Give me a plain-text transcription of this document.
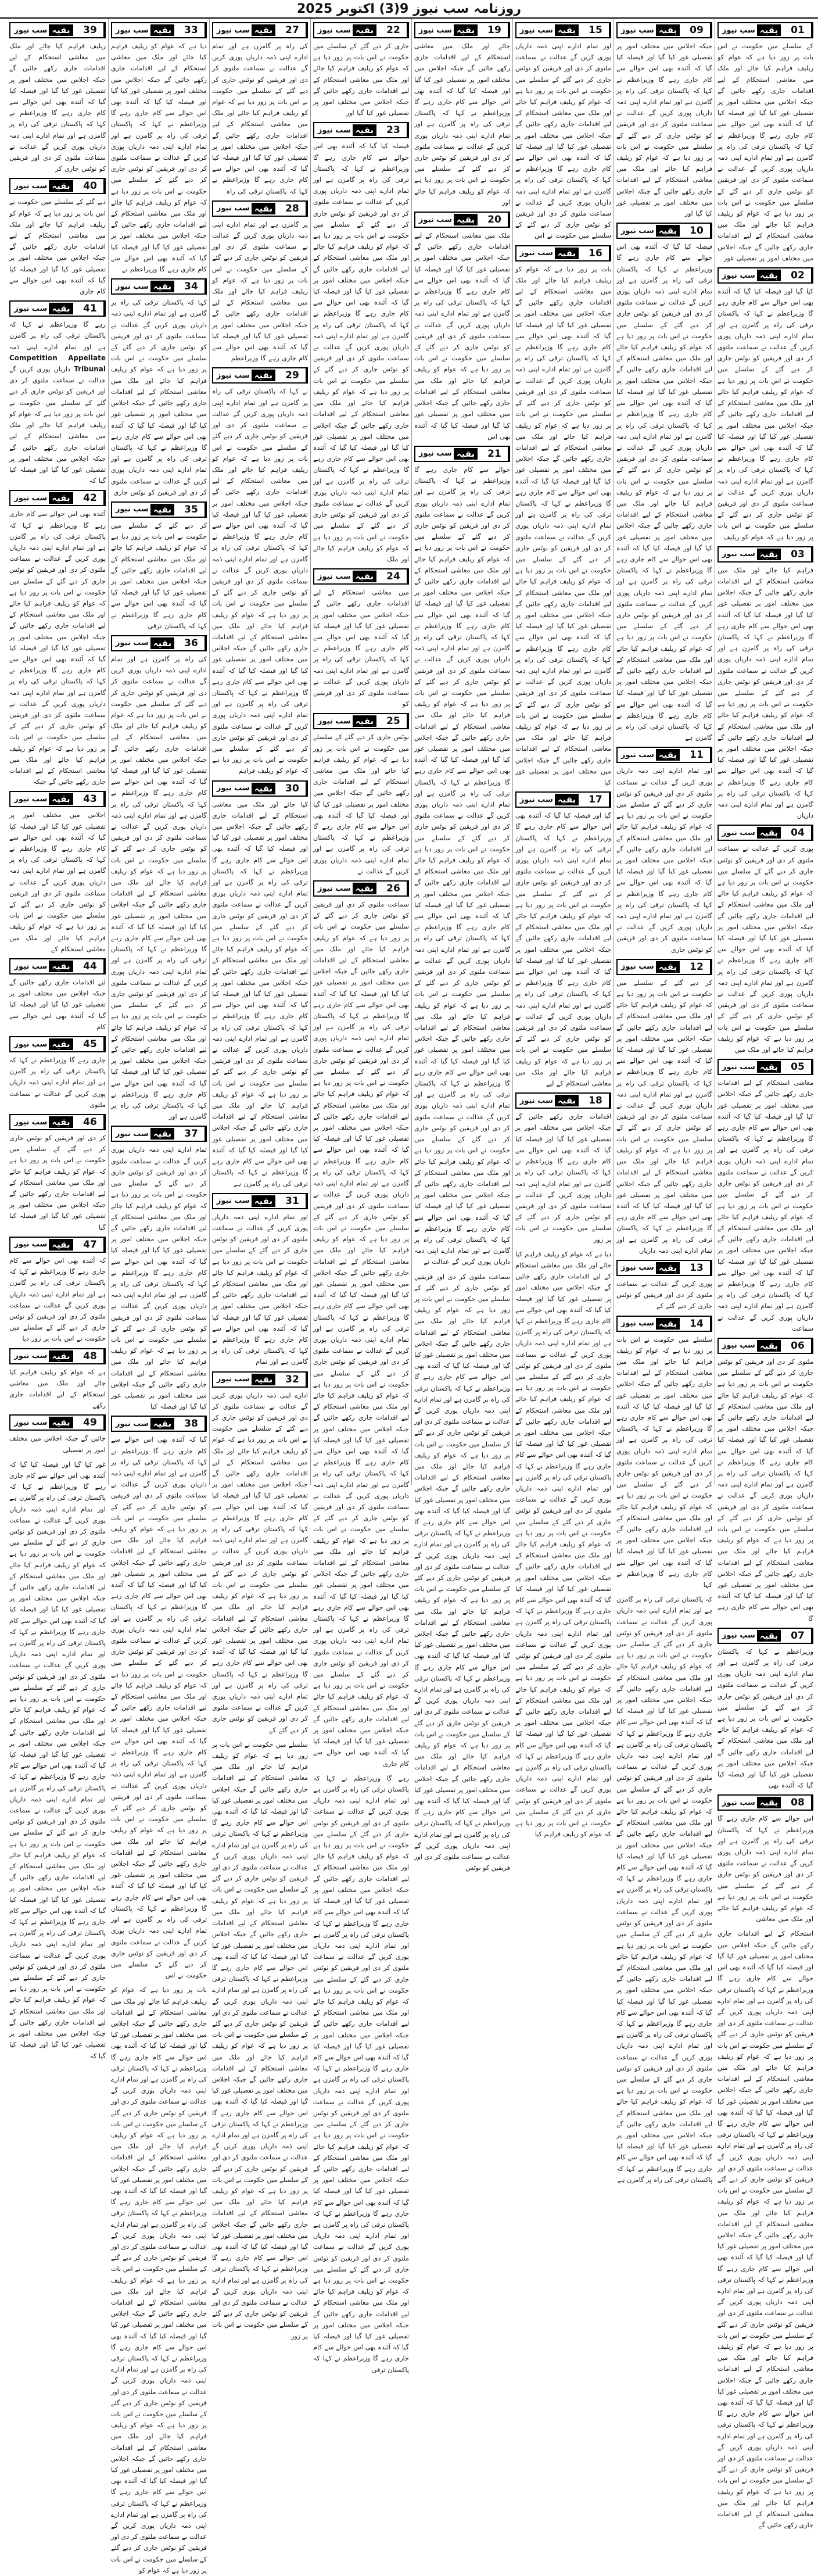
روزنامہ سب نیوز 9(3) اکتوبر 2025
بقیہ
سب نیوز	01
کے سلسلے میں حکومت نے اس بات پر زور دیا ہے کہ عوام کو ریلیف فراہم کیا جائے اور ملک میں معاشی استحکام کے لیے اقدامات جاری رکھے جائیں گے جبکہ اجلاس میں مختلف امور پر تفصیلی غور کیا گیا اور فیصلہ کیا گیا کہ آئندہ بھی اس حوالے سے کام جاری رہے گا وزیراعظم نے کہا کہ پاکستان ترقی کی راہ پر گامزن ہے اور تمام ادارے اپنی ذمہ داریاں پوری کریں گے عدالت نے سماعت ملتوی کر دی اور فریقین کو نوٹس جاری کر دیے گئے کے سلسلے میں حکومت نے اس بات پر زور دیا ہے کہ عوام کو ریلیف فراہم کیا جائے اور ملک میں معاشی استحکام کے لیے اقدامات جاری رکھے جائیں گے جبکہ اجلاس میں مختلف امور پر تفصیلی غور
بقیہ
سب نیوز	02
کیا گیا اور فیصلہ کیا گیا کہ آئندہ بھی اس حوالے سے کام جاری رہے گا وزیراعظم نے کہا کہ پاکستان ترقی کی راہ پر گامزن ہے اور تمام ادارے اپنی ذمہ داریاں پوری کریں گے عدالت نے سماعت ملتوی کر دی اور فریقین کو نوٹس جاری کر دیے گئے کے سلسلے میں حکومت نے اس بات پر زور دیا ہے کہ عوام کو ریلیف فراہم کیا جائے اور ملک میں معاشی استحکام کے لیے اقدامات جاری رکھے جائیں گے جبکہ اجلاس میں مختلف امور پر تفصیلی غور کیا گیا اور فیصلہ کیا گیا کہ آئندہ بھی اس حوالے سے کام جاری رہے گا وزیراعظم نے کہا کہ پاکستان ترقی کی راہ پر گامزن ہے اور تمام ادارے اپنی ذمہ داریاں پوری کریں گے عدالت نے سماعت ملتوی کر دی اور فریقین کو نوٹس جاری کر دیے گئے کے سلسلے میں حکومت نے اس بات پر زور دیا ہے کہ عوام کو ریلیف
بقیہ
سب نیوز	03
فراہم کیا جائے اور ملک میں معاشی استحکام کے لیے اقدامات جاری رکھے جائیں گے جبکہ اجلاس میں مختلف امور پر تفصیلی غور کیا گیا اور فیصلہ کیا گیا کہ آئندہ بھی اس حوالے سے کام جاری رہے گا وزیراعظم نے کہا کہ پاکستان ترقی کی راہ پر گامزن ہے اور تمام ادارے اپنی ذمہ داریاں پوری کریں گے عدالت نے سماعت ملتوی کر دی اور فریقین کو نوٹس جاری کر دیے گئے کے سلسلے میں حکومت نے اس بات پر زور دیا ہے کہ عوام کو ریلیف فراہم کیا جائے اور ملک میں معاشی استحکام کے لیے اقدامات جاری رکھے جائیں گے جبکہ اجلاس میں مختلف امور پر تفصیلی غور کیا گیا اور فیصلہ کیا گیا کہ آئندہ بھی اس حوالے سے کام جاری رہے گا وزیراعظم نے کہا کہ پاکستان ترقی کی راہ پر گامزن ہے اور تمام ادارے اپنی ذمہ داریاں
بقیہ
سب نیوز	04
پوری کریں گے عدالت نے سماعت ملتوی کر دی اور فریقین کو نوٹس جاری کر دیے گئے کے سلسلے میں حکومت نے اس بات پر زور دیا ہے کہ عوام کو ریلیف فراہم کیا جائے اور ملک میں معاشی استحکام کے لیے اقدامات جاری رکھے جائیں گے جبکہ اجلاس میں مختلف امور پر تفصیلی غور کیا گیا اور فیصلہ کیا گیا کہ آئندہ بھی اس حوالے سے کام جاری رہے گا وزیراعظم نے کہا کہ پاکستان ترقی کی راہ پر گامزن ہے اور تمام ادارے اپنی ذمہ داریاں پوری کریں گے عدالت نے سماعت ملتوی کر دی اور فریقین کو نوٹس جاری کر دیے گئے کے سلسلے میں حکومت نے اس بات پر زور دیا ہے کہ عوام کو ریلیف فراہم کیا جائے اور ملک میں
بقیہ
سب نیوز	05
معاشی استحکام کے لیے اقدامات جاری رکھے جائیں گے جبکہ اجلاس میں مختلف امور پر تفصیلی غور کیا گیا اور فیصلہ کیا گیا کہ آئندہ بھی اس حوالے سے کام جاری رہے گا وزیراعظم نے کہا کہ پاکستان ترقی کی راہ پر گامزن ہے اور تمام ادارے اپنی ذمہ داریاں پوری کریں گے عدالت نے سماعت ملتوی کر دی اور فریقین کو نوٹس جاری کر دیے گئے کے سلسلے میں حکومت نے اس بات پر زور دیا ہے کہ عوام کو ریلیف فراہم کیا جائے اور ملک میں معاشی استحکام کے لیے اقدامات جاری رکھے جائیں گے جبکہ اجلاس میں مختلف امور پر تفصیلی غور کیا گیا اور فیصلہ کیا گیا کہ آئندہ بھی اس حوالے سے کام جاری رہے گا وزیراعظم نے کہا کہ پاکستان ترقی کی راہ پر گامزن ہے اور تمام ادارے اپنی ذمہ داریاں پوری کریں گے عدالت نے سماعت
بقیہ
سب نیوز	06
ملتوی کر دی اور فریقین کو نوٹس جاری کر دیے گئے کے سلسلے میں حکومت نے اس بات پر زور دیا ہے کہ عوام کو ریلیف فراہم کیا جائے اور ملک میں معاشی استحکام کے لیے اقدامات جاری رکھے جائیں گے جبکہ اجلاس میں مختلف امور پر تفصیلی غور کیا گیا اور فیصلہ کیا گیا کہ آئندہ بھی اس حوالے سے کام جاری رہے گا وزیراعظم نے کہا کہ پاکستان ترقی کی راہ پر گامزن ہے اور تمام ادارے اپنی ذمہ داریاں پوری کریں گے عدالت نے سماعت ملتوی کر دی اور فریقین کو نوٹس جاری کر دیے گئے کے سلسلے میں حکومت نے اس بات پر زور دیا ہے کہ عوام کو ریلیف فراہم کیا جائے اور ملک میں معاشی استحکام کے لیے اقدامات جاری رکھے جائیں گے جبکہ اجلاس میں مختلف امور پر تفصیلی غور کیا گیا اور فیصلہ کیا گیا کہ آئندہ بھی اس حوالے سے کام جاری رہے گا
بقیہ
سب نیوز	07
وزیراعظم نے کہا کہ پاکستان ترقی کی راہ پر گامزن ہے اور تمام ادارے اپنی ذمہ داریاں پوری کریں گے عدالت نے سماعت ملتوی کر دی اور فریقین کو نوٹس جاری کر دیے گئے کے سلسلے میں حکومت نے اس بات پر زور دیا ہے کہ عوام کو ریلیف فراہم کیا جائے اور ملک میں معاشی استحکام کے لیے اقدامات جاری رکھے جائیں گے جبکہ اجلاس میں مختلف امور پر تفصیلی غور کیا گیا اور فیصلہ کیا گیا کہ آئندہ بھی
بقیہ
سب نیوز	08
اس حوالے سے کام جاری رہے گا وزیراعظم نے کہا کہ پاکستان ترقی کی راہ پر گامزن ہے اور تمام ادارے اپنی ذمہ داریاں پوری کریں گے عدالت نے سماعت ملتوی کر دی اور فریقین کو نوٹس جاری کر دیے گئے کے سلسلے میں حکومت نے اس بات پر زور دیا ہے کہ عوام کو ریلیف فراہم کیا جائے اور ملک میں معاشی
استحکام کے لیے اقدامات جاری رکھے جائیں گے جبکہ اجلاس میں مختلف امور پر تفصیلی غور کیا گیا اور فیصلہ کیا گیا کہ آئندہ بھی اس حوالے سے کام جاری رہے گا وزیراعظم نے کہا کہ پاکستان ترقی کی راہ پر گامزن ہے اور تمام ادارے اپنی ذمہ داریاں پوری کریں گے عدالت نے سماعت ملتوی کر دی اور فریقین کو نوٹس جاری کر دیے گئے کے سلسلے میں حکومت نے اس بات پر زور دیا ہے کہ عوام کو ریلیف فراہم کیا جائے اور ملک میں معاشی استحکام کے لیے اقدامات جاری رکھے جائیں گے جبکہ اجلاس میں مختلف امور پر تفصیلی غور کیا گیا اور فیصلہ کیا گیا کہ آئندہ بھی اس حوالے سے کام جاری رہے گا وزیراعظم نے کہا کہ پاکستان ترقی کی راہ پر گامزن ہے اور تمام ادارے اپنی ذمہ داریاں پوری کریں گے عدالت نے سماعت ملتوی کر دی اور فریقین کو نوٹس جاری کر دیے گئے کے سلسلے میں حکومت نے اس بات پر زور دیا ہے کہ عوام کو ریلیف فراہم کیا جائے اور ملک میں معاشی استحکام کے لیے اقدامات جاری رکھے جائیں گے جبکہ اجلاس میں مختلف امور پر تفصیلی غور کیا گیا اور فیصلہ کیا گیا کہ آئندہ بھی اس حوالے سے کام جاری رہے گا وزیراعظم نے کہا کہ پاکستان ترقی کی راہ پر گامزن ہے اور تمام ادارے اپنی ذمہ داریاں پوری کریں گے عدالت نے سماعت ملتوی کر دی اور فریقین کو نوٹس جاری کر دیے گئے کے سلسلے میں حکومت نے اس بات پر زور دیا ہے کہ عوام کو ریلیف فراہم کیا جائے اور ملک میں معاشی استحکام کے لیے اقدامات جاری رکھے جائیں گے جبکہ اجلاس میں مختلف امور پر تفصیلی غور کیا گیا اور فیصلہ کیا گیا کہ آئندہ بھی اس حوالے سے کام جاری رہے گا وزیراعظم نے کہا کہ پاکستان ترقی کی راہ پر گامزن ہے اور تمام ادارے اپنی ذمہ داریاں پوری کریں گے عدالت نے سماعت ملتوی کر دی اور فریقین کو نوٹس جاری کر دیے گئے کے سلسلے میں حکومت نے اس بات پر زور دیا ہے کہ عوام کو ریلیف فراہم کیا جائے اور ملک میں معاشی استحکام کے لیے اقدامات جاری رکھے جائیں گے
بقیہ
سب نیوز	09
جبکہ اجلاس میں مختلف امور پر تفصیلی غور کیا گیا اور فیصلہ کیا گیا کہ آئندہ بھی اس حوالے سے کام جاری رہے گا وزیراعظم نے کہا کہ پاکستان ترقی کی راہ پر گامزن ہے اور تمام ادارے اپنی ذمہ داریاں پوری کریں گے عدالت نے سماعت ملتوی کر دی اور فریقین کو نوٹس جاری کر دیے گئے کے سلسلے میں حکومت نے اس بات پر زور دیا ہے کہ عوام کو ریلیف فراہم کیا جائے اور ملک میں معاشی استحکام کے لیے اقدامات جاری رکھے جائیں گے جبکہ اجلاس میں مختلف امور پر تفصیلی غور کیا گیا اور
بقیہ
سب نیوز	10
فیصلہ کیا گیا کہ آئندہ بھی اس حوالے سے کام جاری رہے گا وزیراعظم نے کہا کہ پاکستان ترقی کی راہ پر گامزن ہے اور تمام ادارے اپنی ذمہ داریاں پوری کریں گے عدالت نے سماعت ملتوی کر دی اور فریقین کو نوٹس جاری کر دیے گئے کے سلسلے میں حکومت نے اس بات پر زور دیا ہے کہ عوام کو ریلیف فراہم کیا جائے اور ملک میں معاشی استحکام کے لیے اقدامات جاری رکھے جائیں گے جبکہ اجلاس میں مختلف امور پر تفصیلی غور کیا گیا اور فیصلہ کیا گیا کہ آئندہ بھی اس حوالے سے کام جاری رہے گا وزیراعظم نے کہا کہ پاکستان ترقی کی راہ پر گامزن ہے اور تمام ادارے اپنی ذمہ داریاں پوری کریں گے عدالت نے سماعت ملتوی کر دی اور فریقین کو نوٹس جاری کر دیے گئے کے سلسلے میں حکومت نے اس بات پر زور دیا ہے کہ عوام کو ریلیف فراہم کیا جائے اور ملک میں معاشی استحکام کے لیے اقدامات جاری رکھے جائیں گے جبکہ اجلاس میں مختلف امور پر تفصیلی غور کیا گیا اور فیصلہ کیا گیا کہ آئندہ بھی اس حوالے سے کام جاری رہے گا وزیراعظم نے کہا کہ پاکستان ترقی کی راہ پر گامزن ہے اور تمام ادارے اپنی ذمہ داریاں پوری کریں گے عدالت نے سماعت ملتوی کر دی اور فریقین کو نوٹس جاری کر دیے گئے کے سلسلے میں حکومت نے اس بات پر زور دیا ہے کہ عوام کو ریلیف فراہم کیا جائے اور ملک میں معاشی استحکام کے لیے اقدامات جاری رکھے جائیں گے جبکہ اجلاس میں مختلف امور پر تفصیلی غور کیا گیا اور فیصلہ کیا گیا کہ آئندہ بھی اس حوالے سے کام جاری رہے گا وزیراعظم نے کہا کہ پاکستان ترقی کی راہ پر گامزن ہے
بقیہ
سب نیوز	11
اور تمام ادارے اپنی ذمہ داریاں پوری کریں گے عدالت نے سماعت ملتوی کر دی اور فریقین کو نوٹس جاری کر دیے گئے کے سلسلے میں حکومت نے اس بات پر زور دیا ہے کہ عوام کو ریلیف فراہم کیا جائے اور ملک میں معاشی استحکام کے لیے اقدامات جاری رکھے جائیں گے جبکہ اجلاس میں مختلف امور پر تفصیلی غور کیا گیا اور فیصلہ کیا گیا کہ آئندہ بھی اس حوالے سے کام جاری رہے گا وزیراعظم نے کہا کہ پاکستان ترقی کی راہ پر گامزن ہے اور تمام ادارے اپنی ذمہ داریاں پوری کریں گے عدالت نے سماعت ملتوی کر دی اور فریقین کو نوٹس جاری
بقیہ
سب نیوز	12
کر دیے گئے کے سلسلے میں حکومت نے اس بات پر زور دیا ہے کہ عوام کو ریلیف فراہم کیا جائے اور ملک میں معاشی استحکام کے لیے اقدامات جاری رکھے جائیں گے جبکہ اجلاس میں مختلف امور پر تفصیلی غور کیا گیا اور فیصلہ کیا گیا کہ آئندہ بھی اس حوالے سے کام جاری رہے گا وزیراعظم نے کہا کہ پاکستان ترقی کی راہ پر گامزن ہے اور تمام ادارے اپنی ذمہ داریاں پوری کریں گے عدالت نے سماعت ملتوی کر دی اور فریقین کو نوٹس جاری کر دیے گئے کے سلسلے میں حکومت نے اس بات پر زور دیا ہے کہ عوام کو ریلیف فراہم کیا جائے اور ملک میں معاشی استحکام کے لیے اقدامات جاری رکھے جائیں گے جبکہ اجلاس میں مختلف امور پر تفصیلی غور کیا گیا اور فیصلہ کیا گیا کہ آئندہ بھی اس حوالے سے کام جاری رہے گا وزیراعظم نے کہا کہ پاکستان ترقی کی راہ پر گامزن ہے اور تمام ادارے اپنی ذمہ داریاں
بقیہ
سب نیوز	13
پوری کریں گے عدالت نے سماعت ملتوی کر دی اور فریقین کو نوٹس جاری کر دیے گئے کے
بقیہ
سب نیوز	14
سلسلے میں حکومت نے اس بات پر زور دیا ہے کہ عوام کو ریلیف فراہم کیا جائے اور ملک میں معاشی استحکام کے لیے اقدامات جاری رکھے جائیں گے جبکہ اجلاس میں مختلف امور پر تفصیلی غور کیا گیا اور فیصلہ کیا گیا کہ آئندہ بھی اس حوالے سے کام جاری رہے گا وزیراعظم نے کہا کہ پاکستان ترقی کی راہ پر گامزن ہے اور تمام ادارے اپنی ذمہ داریاں پوری کریں گے عدالت نے سماعت ملتوی کر دی اور فریقین کو نوٹس جاری کر دیے گئے کے سلسلے میں حکومت نے اس بات پر زور دیا ہے کہ عوام کو ریلیف فراہم کیا جائے اور ملک میں معاشی استحکام کے لیے اقدامات جاری رکھے جائیں گے جبکہ اجلاس میں مختلف امور پر تفصیلی غور کیا گیا اور فیصلہ کیا گیا کہ آئندہ بھی اس حوالے سے کام جاری رہے گا وزیراعظم نے کہا
کہ پاکستان ترقی کی راہ پر گامزن ہے اور تمام ادارے اپنی ذمہ داریاں پوری کریں گے عدالت نے سماعت ملتوی کر دی اور فریقین کو نوٹس جاری کر دیے گئے کے سلسلے میں حکومت نے اس بات پر زور دیا ہے کہ عوام کو ریلیف فراہم کیا جائے اور ملک میں معاشی استحکام کے لیے اقدامات جاری رکھے جائیں گے جبکہ اجلاس میں مختلف امور پر تفصیلی غور کیا گیا اور فیصلہ کیا گیا کہ آئندہ بھی اس حوالے سے کام جاری رہے گا وزیراعظم نے کہا کہ پاکستان ترقی کی راہ پر گامزن ہے اور تمام ادارے اپنی ذمہ داریاں پوری کریں گے عدالت نے سماعت ملتوی کر دی اور فریقین کو نوٹس جاری کر دیے گئے کے سلسلے میں حکومت نے اس بات پر زور دیا ہے کہ عوام کو ریلیف فراہم کیا جائے اور ملک میں معاشی استحکام کے لیے اقدامات جاری رکھے جائیں گے جبکہ اجلاس میں مختلف امور پر تفصیلی غور کیا گیا اور فیصلہ کیا گیا کہ آئندہ بھی اس حوالے سے کام جاری رہے گا وزیراعظم نے کہا کہ پاکستان ترقی کی راہ پر گامزن ہے اور تمام ادارے اپنی ذمہ داریاں پوری کریں گے عدالت نے سماعت ملتوی کر دی اور فریقین کو نوٹس جاری کر دیے گئے کے سلسلے میں حکومت نے اس بات پر زور دیا ہے کہ عوام کو ریلیف فراہم کیا جائے اور ملک میں معاشی استحکام کے لیے اقدامات جاری رکھے جائیں گے جبکہ اجلاس میں مختلف امور پر تفصیلی غور کیا گیا اور فیصلہ کیا گیا کہ آئندہ بھی اس حوالے سے کام جاری رہے گا وزیراعظم نے کہا کہ پاکستان ترقی کی راہ پر گامزن ہے اور تمام ادارے اپنی ذمہ داریاں پوری کریں گے عدالت نے سماعت ملتوی کر دی اور فریقین کو نوٹس جاری کر دیے گئے کے سلسلے میں حکومت نے اس بات پر زور دیا ہے کہ عوام کو ریلیف فراہم کیا جائے اور ملک میں معاشی استحکام کے لیے اقدامات جاری رکھے جائیں گے جبکہ اجلاس میں مختلف امور پر تفصیلی غور کیا گیا اور فیصلہ کیا گیا کہ آئندہ بھی اس حوالے سے کام جاری رہے گا وزیراعظم نے کہا کہ پاکستان ترقی کی راہ پر گامزن ہے
بقیہ
سب نیوز	15
اور تمام ادارے اپنی ذمہ داریاں پوری کریں گے عدالت نے سماعت ملتوی کر دی اور فریقین کو نوٹس جاری کر دیے گئے کے سلسلے میں حکومت نے اس بات پر زور دیا ہے کہ عوام کو ریلیف فراہم کیا جائے اور ملک میں معاشی استحکام کے لیے اقدامات جاری رکھے جائیں گے جبکہ اجلاس میں مختلف امور پر تفصیلی غور کیا گیا اور فیصلہ کیا گیا کہ آئندہ بھی اس حوالے سے کام جاری رہے گا وزیراعظم نے کہا کہ پاکستان ترقی کی راہ پر گامزن ہے اور تمام ادارے اپنی ذمہ داریاں پوری کریں گے عدالت نے سماعت ملتوی کر دی اور فریقین کو نوٹس جاری کر دیے گئے کے سلسلے میں حکومت نے اس
بقیہ
سب نیوز	16
بات پر زور دیا ہے کہ عوام کو ریلیف فراہم کیا جائے اور ملک میں معاشی استحکام کے لیے اقدامات جاری رکھے جائیں گے جبکہ اجلاس میں مختلف امور پر تفصیلی غور کیا گیا اور فیصلہ کیا گیا کہ آئندہ بھی اس حوالے سے کام جاری رہے گا وزیراعظم نے کہا کہ پاکستان ترقی کی راہ پر گامزن ہے اور تمام ادارے اپنی ذمہ داریاں پوری کریں گے عدالت نے سماعت ملتوی کر دی اور فریقین کو نوٹس جاری کر دیے گئے کے سلسلے میں حکومت نے اس بات پر زور دیا ہے کہ عوام کو ریلیف فراہم کیا جائے اور ملک میں معاشی استحکام کے لیے اقدامات جاری رکھے جائیں گے جبکہ اجلاس میں مختلف امور پر تفصیلی غور کیا گیا اور فیصلہ کیا گیا کہ آئندہ بھی اس حوالے سے کام جاری رہے گا وزیراعظم نے کہا کہ پاکستان ترقی کی راہ پر گامزن ہے اور تمام ادارے اپنی ذمہ داریاں پوری کریں گے عدالت نے سماعت ملتوی کر دی اور فریقین کو نوٹس جاری کر دیے گئے کے سلسلے میں حکومت نے اس بات پر زور دیا ہے کہ عوام کو ریلیف فراہم کیا جائے اور ملک میں معاشی استحکام کے لیے اقدامات جاری رکھے جائیں گے جبکہ اجلاس میں مختلف امور پر تفصیلی غور کیا گیا اور فیصلہ کیا گیا کہ آئندہ بھی اس حوالے سے کام جاری رہے گا وزیراعظم نے کہا کہ پاکستان ترقی کی راہ پر گامزن ہے اور تمام ادارے اپنی ذمہ داریاں پوری کریں گے عدالت نے سماعت ملتوی کر دی اور فریقین کو نوٹس جاری کر دیے گئے کے سلسلے میں حکومت نے اس بات پر زور دیا ہے کہ عوام کو ریلیف فراہم کیا جائے اور ملک میں معاشی استحکام کے لیے اقدامات جاری رکھے جائیں گے جبکہ اجلاس میں مختلف امور پر تفصیلی غور کیا
بقیہ
سب نیوز	17
گیا اور فیصلہ کیا گیا کہ آئندہ بھی اس حوالے سے کام جاری رہے گا وزیراعظم نے کہا کہ پاکستان ترقی کی راہ پر گامزن ہے اور تمام ادارے اپنی ذمہ داریاں پوری کریں گے عدالت نے سماعت ملتوی کر دی اور فریقین کو نوٹس جاری کر دیے گئے کے سلسلے میں حکومت نے اس بات پر زور دیا ہے کہ عوام کو ریلیف فراہم کیا جائے اور ملک میں معاشی استحکام کے لیے اقدامات جاری رکھے جائیں گے جبکہ اجلاس میں مختلف امور پر تفصیلی غور کیا گیا اور فیصلہ کیا گیا کہ آئندہ بھی اس حوالے سے کام جاری رہے گا وزیراعظم نے کہا کہ پاکستان ترقی کی راہ پر گامزن ہے اور تمام ادارے اپنی ذمہ داریاں پوری کریں گے عدالت نے سماعت ملتوی کر دی اور فریقین کو نوٹس جاری کر دیے گئے کے سلسلے میں حکومت نے اس بات پر زور دیا ہے کہ عوام کو ریلیف فراہم کیا جائے اور ملک میں معاشی استحکام کے لیے
بقیہ
سب نیوز	18
اقدامات جاری رکھے جائیں گے جبکہ اجلاس میں مختلف امور پر تفصیلی غور کیا گیا اور فیصلہ کیا گیا کہ آئندہ بھی اس حوالے سے کام جاری رہے گا وزیراعظم نے کہا کہ پاکستان ترقی کی راہ پر گامزن ہے اور تمام ادارے اپنی ذمہ داریاں پوری کریں گے عدالت نے سماعت ملتوی کر دی اور فریقین کو نوٹس جاری کر دیے گئے کے سلسلے میں حکومت نے اس بات پر زور
دیا ہے کہ عوام کو ریلیف فراہم کیا جائے اور ملک میں معاشی استحکام کے لیے اقدامات جاری رکھے جائیں گے جبکہ اجلاس میں مختلف امور پر تفصیلی غور کیا گیا اور فیصلہ کیا گیا کہ آئندہ بھی اس حوالے سے کام جاری رہے گا وزیراعظم نے کہا کہ پاکستان ترقی کی راہ پر گامزن ہے اور تمام ادارے اپنی ذمہ داریاں پوری کریں گے عدالت نے سماعت ملتوی کر دی اور فریقین کو نوٹس جاری کر دیے گئے کے سلسلے میں حکومت نے اس بات پر زور دیا ہے کہ عوام کو ریلیف فراہم کیا جائے اور ملک میں معاشی استحکام کے لیے اقدامات جاری رکھے جائیں گے جبکہ اجلاس میں مختلف امور پر تفصیلی غور کیا گیا اور فیصلہ کیا گیا کہ آئندہ بھی اس حوالے سے کام جاری رہے گا وزیراعظم نے کہا کہ پاکستان ترقی کی راہ پر گامزن ہے اور تمام ادارے اپنی ذمہ داریاں پوری کریں گے عدالت نے سماعت ملتوی کر دی اور فریقین کو نوٹس جاری کر دیے گئے کے سلسلے میں حکومت نے اس بات پر زور دیا ہے کہ عوام کو ریلیف فراہم کیا جائے اور ملک میں معاشی استحکام کے لیے اقدامات جاری رکھے جائیں گے جبکہ اجلاس میں مختلف امور پر تفصیلی غور کیا گیا اور فیصلہ کیا گیا کہ آئندہ بھی اس حوالے سے کام جاری رہے گا وزیراعظم نے کہا کہ پاکستان ترقی کی راہ پر گامزن ہے اور تمام ادارے اپنی ذمہ داریاں پوری کریں گے عدالت نے سماعت ملتوی کر دی اور فریقین کو نوٹس جاری کر دیے گئے کے سلسلے میں حکومت نے اس بات پر زور دیا ہے کہ عوام کو ریلیف فراہم کیا جائے اور ملک میں معاشی استحکام کے لیے اقدامات جاری رکھے جائیں گے جبکہ اجلاس میں مختلف امور پر تفصیلی غور کیا گیا اور فیصلہ کیا گیا کہ آئندہ بھی اس حوالے سے کام جاری رہے گا وزیراعظم نے کہا کہ پاکستان ترقی کی راہ پر گامزن ہے اور تمام ادارے اپنی ذمہ داریاں پوری کریں گے عدالت نے سماعت ملتوی کر دی اور فریقین کو نوٹس جاری کر دیے گئے کے سلسلے میں حکومت نے اس بات پر زور دیا ہے کہ عوام کو ریلیف فراہم کیا
بقیہ
سب نیوز	19
جائے اور ملک میں معاشی استحکام کے لیے اقدامات جاری رکھے جائیں گے جبکہ اجلاس میں مختلف امور پر تفصیلی غور کیا گیا اور فیصلہ کیا گیا کہ آئندہ بھی اس حوالے سے کام جاری رہے گا وزیراعظم نے کہا کہ پاکستان ترقی کی راہ پر گامزن ہے اور تمام ادارے اپنی ذمہ داریاں پوری کریں گے عدالت نے سماعت ملتوی کر دی اور فریقین کو نوٹس جاری کر دیے گئے کے سلسلے میں حکومت نے اس بات پر زور دیا ہے کہ عوام کو ریلیف فراہم کیا جائے اور
بقیہ
سب نیوز	20
ملک میں معاشی استحکام کے لیے اقدامات جاری رکھے جائیں گے جبکہ اجلاس میں مختلف امور پر تفصیلی غور کیا گیا اور فیصلہ کیا گیا کہ آئندہ بھی اس حوالے سے کام جاری رہے گا وزیراعظم نے کہا کہ پاکستان ترقی کی راہ پر گامزن ہے اور تمام ادارے اپنی ذمہ داریاں پوری کریں گے عدالت نے سماعت ملتوی کر دی اور فریقین کو نوٹس جاری کر دیے گئے کے سلسلے میں حکومت نے اس بات پر زور دیا ہے کہ عوام کو ریلیف فراہم کیا جائے اور ملک میں معاشی استحکام کے لیے اقدامات جاری رکھے جائیں گے جبکہ اجلاس میں مختلف امور پر تفصیلی غور کیا گیا اور فیصلہ کیا گیا کہ آئندہ بھی اس
بقیہ
سب نیوز	21
حوالے سے کام جاری رہے گا وزیراعظم نے کہا کہ پاکستان ترقی کی راہ پر گامزن ہے اور تمام ادارے اپنی ذمہ داریاں پوری کریں گے عدالت نے سماعت ملتوی کر دی اور فریقین کو نوٹس جاری کر دیے گئے کے سلسلے میں حکومت نے اس بات پر زور دیا ہے کہ عوام کو ریلیف فراہم کیا جائے اور ملک میں معاشی استحکام کے لیے اقدامات جاری رکھے جائیں گے جبکہ اجلاس میں مختلف امور پر تفصیلی غور کیا گیا اور فیصلہ کیا گیا کہ آئندہ بھی اس حوالے سے کام جاری رہے گا وزیراعظم نے کہا کہ پاکستان ترقی کی راہ پر گامزن ہے اور تمام ادارے اپنی ذمہ داریاں پوری کریں گے عدالت نے سماعت ملتوی کر دی اور فریقین کو نوٹس جاری کر دیے گئے کے سلسلے میں حکومت نے اس بات پر زور دیا ہے کہ عوام کو ریلیف فراہم کیا جائے اور ملک میں معاشی استحکام کے لیے اقدامات جاری رکھے جائیں گے جبکہ اجلاس میں مختلف امور پر تفصیلی غور کیا گیا اور فیصلہ کیا گیا کہ آئندہ بھی اس حوالے سے کام جاری رہے گا وزیراعظم نے کہا کہ پاکستان ترقی کی راہ پر گامزن ہے اور تمام ادارے اپنی ذمہ داریاں پوری کریں گے عدالت نے سماعت ملتوی کر دی اور فریقین کو نوٹس جاری کر دیے گئے کے سلسلے میں حکومت نے اس بات پر زور دیا ہے کہ عوام کو ریلیف فراہم کیا جائے اور ملک میں معاشی استحکام کے لیے اقدامات جاری رکھے جائیں گے جبکہ اجلاس میں مختلف امور پر تفصیلی غور کیا گیا اور فیصلہ کیا گیا کہ آئندہ بھی اس حوالے سے کام جاری رہے گا وزیراعظم نے کہا کہ پاکستان ترقی کی راہ پر گامزن ہے اور تمام ادارے اپنی ذمہ داریاں پوری کریں گے عدالت نے سماعت ملتوی کر دی اور فریقین کو نوٹس جاری کر دیے گئے کے سلسلے میں حکومت نے اس بات پر زور دیا ہے کہ عوام کو ریلیف فراہم کیا جائے اور ملک میں معاشی استحکام کے لیے اقدامات جاری رکھے جائیں گے جبکہ اجلاس میں مختلف امور پر تفصیلی غور کیا گیا اور فیصلہ کیا گیا کہ آئندہ بھی اس حوالے سے کام جاری رہے گا وزیراعظم نے کہا کہ پاکستان ترقی کی راہ پر گامزن ہے اور تمام ادارے اپنی ذمہ داریاں پوری کریں گے عدالت نے سماعت ملتوی کر دی اور فریقین کو نوٹس جاری کر دیے گئے کے سلسلے میں حکومت نے اس بات پر زور دیا ہے کہ عوام کو ریلیف فراہم کیا جائے اور ملک میں معاشی استحکام کے لیے اقدامات جاری رکھے جائیں گے جبکہ اجلاس میں مختلف امور پر تفصیلی غور کیا گیا اور فیصلہ کیا گیا کہ آئندہ بھی اس حوالے سے کام جاری رہے گا وزیراعظم نے کہا کہ پاکستان ترقی کی راہ پر گامزن ہے اور تمام ادارے اپنی ذمہ داریاں پوری کریں گے عدالت نے
سماعت ملتوی کر دی اور فریقین کو نوٹس جاری کر دیے گئے کے سلسلے میں حکومت نے اس بات پر زور دیا ہے کہ عوام کو ریلیف فراہم کیا جائے اور ملک میں معاشی استحکام کے لیے اقدامات جاری رکھے جائیں گے جبکہ اجلاس میں مختلف امور پر تفصیلی غور کیا گیا اور فیصلہ کیا گیا کہ آئندہ بھی اس حوالے سے کام جاری رہے گا وزیراعظم نے کہا کہ پاکستان ترقی کی راہ پر گامزن ہے اور تمام ادارے اپنی ذمہ داریاں پوری کریں گے عدالت نے سماعت ملتوی کر دی اور فریقین کو نوٹس جاری کر دیے گئے کے سلسلے میں حکومت نے اس بات پر زور دیا ہے کہ عوام کو ریلیف فراہم کیا جائے اور ملک میں معاشی استحکام کے لیے اقدامات جاری رکھے جائیں گے جبکہ اجلاس میں مختلف امور پر تفصیلی غور کیا گیا اور فیصلہ کیا گیا کہ آئندہ بھی اس حوالے سے کام جاری رہے گا وزیراعظم نے کہا کہ پاکستان ترقی کی راہ پر گامزن ہے اور تمام ادارے اپنی ذمہ داریاں پوری کریں گے عدالت نے سماعت ملتوی کر دی اور فریقین کو نوٹس جاری کر دیے گئے کے سلسلے میں حکومت نے اس بات پر زور دیا ہے کہ عوام کو ریلیف فراہم کیا جائے اور ملک میں معاشی استحکام کے لیے اقدامات جاری رکھے جائیں گے جبکہ اجلاس میں مختلف امور پر تفصیلی غور کیا گیا اور فیصلہ کیا گیا کہ آئندہ بھی اس حوالے سے کام جاری رہے گا وزیراعظم نے کہا کہ پاکستان ترقی کی راہ پر گامزن ہے اور تمام ادارے اپنی ذمہ داریاں پوری کریں گے عدالت نے سماعت ملتوی کر دی اور فریقین کو نوٹس جاری کر دیے گئے کے سلسلے میں حکومت نے اس بات پر زور دیا ہے کہ عوام کو ریلیف فراہم کیا جائے اور ملک میں معاشی استحکام کے لیے اقدامات جاری رکھے جائیں گے جبکہ اجلاس میں مختلف امور پر تفصیلی غور کیا گیا اور فیصلہ کیا گیا کہ آئندہ بھی اس حوالے سے کام جاری رہے گا وزیراعظم نے کہا کہ پاکستان ترقی کی راہ پر گامزن ہے اور تمام ادارے اپنی ذمہ داریاں پوری کریں گے عدالت نے سماعت ملتوی کر دی اور فریقین کو نوٹس
بقیہ
سب نیوز	22
جاری کر دیے گئے کے سلسلے میں حکومت نے اس بات پر زور دیا ہے کہ عوام کو ریلیف فراہم کیا جائے اور ملک میں معاشی استحکام کے لیے اقدامات جاری رکھے جائیں گے جبکہ اجلاس میں مختلف امور پر تفصیلی غور کیا گیا اور
بقیہ
سب نیوز	23
فیصلہ کیا گیا کہ آئندہ بھی اس حوالے سے کام جاری رہے گا وزیراعظم نے کہا کہ پاکستان ترقی کی راہ پر گامزن ہے اور تمام ادارے اپنی ذمہ داریاں پوری کریں گے عدالت نے سماعت ملتوی کر دی اور فریقین کو نوٹس جاری کر دیے گئے کے سلسلے میں حکومت نے اس بات پر زور دیا ہے کہ عوام کو ریلیف فراہم کیا جائے اور ملک میں معاشی استحکام کے لیے اقدامات جاری رکھے جائیں گے جبکہ اجلاس میں مختلف امور پر تفصیلی غور کیا گیا اور فیصلہ کیا گیا کہ آئندہ بھی اس حوالے سے کام جاری رہے گا وزیراعظم نے کہا کہ پاکستان ترقی کی راہ پر گامزن ہے اور تمام ادارے اپنی ذمہ داریاں پوری کریں گے عدالت نے سماعت ملتوی کر دی اور فریقین کو نوٹس جاری کر دیے گئے کے سلسلے میں حکومت نے اس بات پر زور دیا ہے کہ عوام کو ریلیف فراہم کیا جائے اور ملک میں معاشی استحکام کے لیے اقدامات جاری رکھے جائیں گے جبکہ اجلاس میں مختلف امور پر تفصیلی غور کیا گیا اور فیصلہ کیا گیا کہ آئندہ بھی اس حوالے سے کام جاری رہے گا وزیراعظم نے کہا کہ پاکستان ترقی کی راہ پر گامزن ہے اور تمام ادارے اپنی ذمہ داریاں پوری کریں گے عدالت نے سماعت ملتوی کر دی اور فریقین کو نوٹس جاری کر دیے گئے کے سلسلے میں حکومت نے اس بات پر زور دیا ہے کہ عوام کو ریلیف فراہم کیا جائے اور ملک
بقیہ
سب نیوز	24
میں معاشی استحکام کے لیے اقدامات جاری رکھے جائیں گے جبکہ اجلاس میں مختلف امور پر تفصیلی غور کیا گیا اور فیصلہ کیا گیا کہ آئندہ بھی اس حوالے سے کام جاری رہے گا وزیراعظم نے کہا کہ پاکستان ترقی کی راہ پر گامزن ہے اور تمام ادارے اپنی ذمہ داریاں پوری کریں گے عدالت نے سماعت ملتوی کر دی اور فریقین کو
بقیہ
سب نیوز	25
نوٹس جاری کر دیے گئے کے سلسلے میں حکومت نے اس بات پر زور دیا ہے کہ عوام کو ریلیف فراہم کیا جائے اور ملک میں معاشی استحکام کے لیے اقدامات جاری رکھے جائیں گے جبکہ اجلاس میں مختلف امور پر تفصیلی غور کیا گیا اور فیصلہ کیا گیا کہ آئندہ بھی اس حوالے سے کام جاری رہے گا وزیراعظم نے کہا کہ پاکستان ترقی کی راہ پر گامزن ہے اور تمام ادارے اپنی ذمہ داریاں پوری کریں گے عدالت نے
بقیہ
سب نیوز	26
سماعت ملتوی کر دی اور فریقین کو نوٹس جاری کر دیے گئے کے سلسلے میں حکومت نے اس بات پر زور دیا ہے کہ عوام کو ریلیف فراہم کیا جائے اور ملک میں معاشی استحکام کے لیے اقدامات جاری رکھے جائیں گے جبکہ اجلاس میں مختلف امور پر تفصیلی غور کیا گیا اور فیصلہ کیا گیا کہ آئندہ بھی اس حوالے سے کام جاری رہے گا وزیراعظم نے کہا کہ پاکستان ترقی کی راہ پر گامزن ہے اور تمام ادارے اپنی ذمہ داریاں پوری کریں گے عدالت نے سماعت ملتوی کر دی اور فریقین کو نوٹس جاری کر دیے گئے کے سلسلے میں حکومت نے اس بات پر زور دیا ہے کہ عوام کو ریلیف فراہم کیا جائے اور ملک میں معاشی استحکام کے لیے اقدامات جاری رکھے جائیں گے جبکہ اجلاس میں مختلف امور پر تفصیلی غور کیا گیا اور فیصلہ کیا گیا کہ آئندہ بھی اس حوالے سے کام جاری رہے گا وزیراعظم نے کہا کہ پاکستان ترقی کی راہ پر گامزن ہے اور تمام ادارے اپنی ذمہ داریاں پوری کریں گے عدالت نے سماعت ملتوی کر دی اور فریقین کو نوٹس جاری کر دیے گئے کے سلسلے میں حکومت نے اس بات پر زور دیا ہے کہ عوام کو ریلیف فراہم کیا جائے اور ملک میں معاشی استحکام کے لیے اقدامات جاری رکھے جائیں گے جبکہ اجلاس میں مختلف امور پر تفصیلی غور کیا گیا اور فیصلہ کیا گیا کہ آئندہ بھی اس حوالے سے کام جاری رہے گا وزیراعظم نے کہا کہ پاکستان ترقی کی راہ پر گامزن ہے اور تمام ادارے اپنی ذمہ داریاں پوری کریں گے عدالت نے سماعت ملتوی کر دی اور فریقین کو نوٹس جاری کر دیے گئے کے سلسلے میں حکومت نے اس بات پر زور دیا ہے کہ عوام کو ریلیف فراہم کیا جائے اور ملک میں معاشی استحکام کے لیے اقدامات جاری رکھے جائیں گے جبکہ اجلاس میں مختلف امور پر تفصیلی غور کیا گیا اور فیصلہ کیا گیا کہ آئندہ بھی اس حوالے سے کام جاری رہے گا وزیراعظم نے کہا کہ پاکستان ترقی کی راہ پر گامزن ہے اور تمام ادارے اپنی ذمہ داریاں پوری کریں گے عدالت نے سماعت ملتوی کر دی اور فریقین کو نوٹس جاری کر دیے گئے کے سلسلے میں حکومت نے اس بات پر زور دیا ہے کہ عوام کو ریلیف فراہم کیا جائے اور ملک میں معاشی استحکام کے لیے اقدامات جاری رکھے جائیں گے جبکہ اجلاس میں مختلف امور پر تفصیلی غور کیا گیا اور فیصلہ کیا گیا کہ آئندہ بھی اس حوالے سے کام جاری رہے گا وزیراعظم نے کہا کہ پاکستان ترقی کی راہ پر گامزن ہے اور تمام ادارے اپنی ذمہ داریاں پوری کریں گے عدالت نے سماعت ملتوی کر دی اور فریقین کو نوٹس جاری کر دیے گئے کے سلسلے میں حکومت نے اس بات پر زور دیا ہے کہ عوام کو ریلیف فراہم کیا جائے اور ملک میں معاشی استحکام کے لیے اقدامات جاری رکھے جائیں گے جبکہ اجلاس میں مختلف امور پر تفصیلی غور کیا گیا اور فیصلہ کیا گیا کہ آئندہ بھی اس حوالے سے کام جاری
رہے گا وزیراعظم نے کہا کہ پاکستان ترقی کی راہ پر گامزن ہے اور تمام ادارے اپنی ذمہ داریاں پوری کریں گے عدالت نے سماعت ملتوی کر دی اور فریقین کو نوٹس جاری کر دیے گئے کے سلسلے میں حکومت نے اس بات پر زور دیا ہے کہ عوام کو ریلیف فراہم کیا جائے اور ملک میں معاشی استحکام کے لیے اقدامات جاری رکھے جائیں گے جبکہ اجلاس میں مختلف امور پر تفصیلی غور کیا گیا اور فیصلہ کیا گیا کہ آئندہ بھی اس حوالے سے کام جاری رہے گا وزیراعظم نے کہا کہ پاکستان ترقی کی راہ پر گامزن ہے اور تمام ادارے اپنی ذمہ داریاں پوری کریں گے عدالت نے سماعت ملتوی کر دی اور فریقین کو نوٹس جاری کر دیے گئے کے سلسلے میں حکومت نے اس بات پر زور دیا ہے کہ عوام کو ریلیف فراہم کیا جائے اور ملک میں معاشی استحکام کے لیے اقدامات جاری رکھے جائیں گے جبکہ اجلاس میں مختلف امور پر تفصیلی غور کیا گیا اور فیصلہ کیا گیا کہ آئندہ بھی اس حوالے سے کام جاری رہے گا وزیراعظم نے کہا کہ پاکستان ترقی کی راہ پر گامزن ہے اور تمام ادارے اپنی ذمہ داریاں پوری کریں گے عدالت نے سماعت ملتوی کر دی اور فریقین کو نوٹس جاری کر دیے گئے کے سلسلے میں حکومت نے اس بات پر زور دیا ہے کہ عوام کو ریلیف فراہم کیا جائے اور ملک میں معاشی استحکام کے لیے اقدامات جاری رکھے جائیں گے جبکہ اجلاس میں مختلف امور پر تفصیلی غور کیا گیا اور فیصلہ کیا گیا کہ آئندہ بھی اس حوالے سے کام جاری رہے گا وزیراعظم نے کہا کہ پاکستان ترقی کی راہ پر گامزن ہے اور تمام ادارے اپنی ذمہ داریاں پوری کریں گے عدالت نے سماعت ملتوی کر دی اور فریقین کو نوٹس جاری کر دیے گئے کے سلسلے میں حکومت نے اس بات پر زور دیا ہے کہ عوام کو ریلیف فراہم کیا جائے اور ملک میں معاشی استحکام کے لیے اقدامات جاری رکھے جائیں گے جبکہ اجلاس میں مختلف امور پر تفصیلی غور کیا گیا اور فیصلہ کیا گیا کہ آئندہ بھی اس حوالے سے کام جاری رہے گا وزیراعظم نے کہا کہ پاکستان ترقی
بقیہ
سب نیوز	27
کی راہ پر گامزن ہے اور تمام ادارے اپنی ذمہ داریاں پوری کریں گے عدالت نے سماعت ملتوی کر دی اور فریقین کو نوٹس جاری کر دیے گئے کے سلسلے میں حکومت نے اس بات پر زور دیا ہے کہ عوام کو ریلیف فراہم کیا جائے اور ملک میں معاشی استحکام کے لیے اقدامات جاری رکھے جائیں گے جبکہ اجلاس میں مختلف امور پر تفصیلی غور کیا گیا اور فیصلہ کیا گیا کہ آئندہ بھی اس حوالے سے کام جاری رہے گا وزیراعظم نے کہا کہ پاکستان ترقی کی راہ
بقیہ
سب نیوز	28
پر گامزن ہے اور تمام ادارے اپنی ذمہ داریاں پوری کریں گے عدالت نے سماعت ملتوی کر دی اور فریقین کو نوٹس جاری کر دیے گئے کے سلسلے میں حکومت نے اس بات پر زور دیا ہے کہ عوام کو ریلیف فراہم کیا جائے اور ملک میں معاشی استحکام کے لیے اقدامات جاری رکھے جائیں گے جبکہ اجلاس میں مختلف امور پر تفصیلی غور کیا گیا اور فیصلہ کیا گیا کہ آئندہ بھی اس حوالے سے کام جاری رہے گا وزیراعظم
بقیہ
سب نیوز	29
نے کہا کہ پاکستان ترقی کی راہ پر گامزن ہے اور تمام ادارے اپنی ذمہ داریاں پوری کریں گے عدالت نے سماعت ملتوی کر دی اور فریقین کو نوٹس جاری کر دیے گئے کے سلسلے میں حکومت نے اس بات پر زور دیا ہے کہ عوام کو ریلیف فراہم کیا جائے اور ملک میں معاشی استحکام کے لیے اقدامات جاری رکھے جائیں گے جبکہ اجلاس میں مختلف امور پر تفصیلی غور کیا گیا اور فیصلہ کیا گیا کہ آئندہ بھی اس حوالے سے کام جاری رہے گا وزیراعظم نے کہا کہ پاکستان ترقی کی راہ پر گامزن ہے اور تمام ادارے اپنی ذمہ داریاں پوری کریں گے عدالت نے سماعت ملتوی کر دی اور فریقین کو نوٹس جاری کر دیے گئے کے سلسلے میں حکومت نے اس بات پر زور دیا ہے کہ عوام کو ریلیف فراہم کیا جائے اور ملک میں معاشی استحکام کے لیے اقدامات جاری رکھے جائیں گے جبکہ اجلاس میں مختلف امور پر تفصیلی غور کیا گیا اور فیصلہ کیا گیا کہ آئندہ بھی اس حوالے سے کام جاری رہے گا وزیراعظم نے کہا کہ پاکستان ترقی کی راہ پر گامزن ہے اور تمام ادارے اپنی ذمہ داریاں پوری کریں گے عدالت نے سماعت ملتوی کر دی اور فریقین کو نوٹس جاری کر دیے گئے کے سلسلے میں حکومت نے اس بات پر زور دیا ہے کہ عوام کو ریلیف فراہم
بقیہ
سب نیوز	30
کیا جائے اور ملک میں معاشی استحکام کے لیے اقدامات جاری رکھے جائیں گے جبکہ اجلاس میں مختلف امور پر تفصیلی غور کیا گیا اور فیصلہ کیا گیا کہ آئندہ بھی اس حوالے سے کام جاری رہے گا وزیراعظم نے کہا کہ پاکستان ترقی کی راہ پر گامزن ہے اور تمام ادارے اپنی ذمہ داریاں پوری کریں گے عدالت نے سماعت ملتوی کر دی اور فریقین کو نوٹس جاری کر دیے گئے کے سلسلے میں حکومت نے اس بات پر زور دیا ہے کہ عوام کو ریلیف فراہم کیا جائے اور ملک میں معاشی استحکام کے لیے اقدامات جاری رکھے جائیں گے جبکہ اجلاس میں مختلف امور پر تفصیلی غور کیا گیا اور فیصلہ کیا گیا کہ آئندہ بھی اس حوالے سے کام جاری رہے گا وزیراعظم نے کہا کہ پاکستان ترقی کی راہ پر گامزن ہے اور تمام ادارے اپنی ذمہ داریاں پوری کریں گے عدالت نے سماعت ملتوی کر دی اور فریقین کو نوٹس جاری کر دیے گئے کے سلسلے میں حکومت نے اس بات پر زور دیا ہے کہ عوام کو ریلیف فراہم کیا جائے اور ملک میں معاشی استحکام کے لیے اقدامات جاری رکھے جائیں گے جبکہ اجلاس میں مختلف امور پر تفصیلی غور کیا گیا اور فیصلہ کیا گیا کہ آئندہ بھی اس حوالے سے کام جاری رہے گا وزیراعظم نے کہا کہ پاکستان ترقی کی راہ پر گامزن ہے
بقیہ
سب نیوز	31
اور تمام ادارے اپنی ذمہ داریاں پوری کریں گے عدالت نے سماعت ملتوی کر دی اور فریقین کو نوٹس جاری کر دیے گئے کے سلسلے میں حکومت نے اس بات پر زور دیا ہے کہ عوام کو ریلیف فراہم کیا جائے اور ملک میں معاشی استحکام کے لیے اقدامات جاری رکھے جائیں گے جبکہ اجلاس میں مختلف امور پر تفصیلی غور کیا گیا اور فیصلہ کیا گیا کہ آئندہ بھی اس حوالے سے کام جاری رہے گا وزیراعظم نے کہا کہ پاکستان ترقی کی راہ پر گامزن ہے اور تمام
بقیہ
سب نیوز	32
ادارے اپنی ذمہ داریاں پوری کریں گے عدالت نے سماعت ملتوی کر دی اور فریقین کو نوٹس جاری کر دیے گئے کے سلسلے میں حکومت نے اس بات پر زور دیا ہے کہ عوام کو ریلیف فراہم کیا جائے اور ملک میں معاشی استحکام کے لیے اقدامات جاری رکھے جائیں گے جبکہ اجلاس میں مختلف امور پر تفصیلی غور کیا گیا اور فیصلہ کیا گیا کہ آئندہ بھی اس حوالے سے کام جاری رہے گا وزیراعظم نے کہا کہ پاکستان ترقی کی راہ پر گامزن ہے اور تمام ادارے اپنی ذمہ داریاں پوری کریں گے عدالت نے سماعت ملتوی کر دی اور فریقین کو نوٹس جاری کر دیے گئے کے سلسلے میں حکومت نے اس بات پر زور دیا ہے کہ عوام کو ریلیف فراہم کیا جائے اور ملک میں معاشی استحکام کے لیے اقدامات جاری رکھے جائیں گے جبکہ اجلاس میں مختلف امور پر تفصیلی غور کیا گیا اور فیصلہ کیا گیا کہ آئندہ بھی اس حوالے سے کام جاری رہے گا وزیراعظم نے کہا کہ پاکستان ترقی کی راہ پر گامزن ہے اور تمام ادارے اپنی ذمہ داریاں پوری کریں گے عدالت نے سماعت ملتوی کر دی اور فریقین کو نوٹس جاری کر دیے گئے کے
سلسلے میں حکومت نے اس بات پر زور دیا ہے کہ عوام کو ریلیف فراہم کیا جائے اور ملک میں معاشی استحکام کے لیے اقدامات جاری رکھے جائیں گے جبکہ اجلاس میں مختلف امور پر تفصیلی غور کیا گیا اور فیصلہ کیا گیا کہ آئندہ بھی اس حوالے سے کام جاری رہے گا وزیراعظم نے کہا کہ پاکستان ترقی کی راہ پر گامزن ہے اور تمام ادارے اپنی ذمہ داریاں پوری کریں گے عدالت نے سماعت ملتوی کر دی اور فریقین کو نوٹس جاری کر دیے گئے کے سلسلے میں حکومت نے اس بات پر زور دیا ہے کہ عوام کو ریلیف فراہم کیا جائے اور ملک میں معاشی استحکام کے لیے اقدامات جاری رکھے جائیں گے جبکہ اجلاس میں مختلف امور پر تفصیلی غور کیا گیا اور فیصلہ کیا گیا کہ آئندہ بھی اس حوالے سے کام جاری رہے گا وزیراعظم نے کہا کہ پاکستان ترقی کی راہ پر گامزن ہے اور تمام ادارے اپنی ذمہ داریاں پوری کریں گے عدالت نے سماعت ملتوی کر دی اور فریقین کو نوٹس جاری کر دیے گئے کے سلسلے میں حکومت نے اس بات پر زور دیا ہے کہ عوام کو ریلیف فراہم کیا جائے اور ملک میں معاشی استحکام کے لیے اقدامات جاری رکھے جائیں گے جبکہ اجلاس میں مختلف امور پر تفصیلی غور کیا گیا اور فیصلہ کیا گیا کہ آئندہ بھی اس حوالے سے کام جاری رہے گا وزیراعظم نے کہا کہ پاکستان ترقی کی راہ پر گامزن ہے اور تمام ادارے اپنی ذمہ داریاں پوری کریں گے عدالت نے سماعت ملتوی کر دی اور فریقین کو نوٹس جاری کر دیے گئے کے سلسلے میں حکومت نے اس بات پر زور دیا ہے کہ عوام کو ریلیف فراہم کیا جائے اور ملک میں معاشی استحکام کے لیے اقدامات جاری رکھے جائیں گے جبکہ اجلاس میں مختلف امور پر تفصیلی غور کیا گیا اور فیصلہ کیا گیا کہ آئندہ بھی اس حوالے سے کام جاری رہے گا وزیراعظم نے کہا کہ پاکستان ترقی کی راہ پر گامزن ہے اور تمام ادارے اپنی ذمہ داریاں پوری کریں گے عدالت نے سماعت ملتوی کر دی اور فریقین کو نوٹس جاری کر دیے گئے کے سلسلے میں حکومت نے اس بات پر زور
بقیہ
سب نیوز	33
دیا ہے کہ عوام کو ریلیف فراہم کیا جائے اور ملک میں معاشی استحکام کے لیے اقدامات جاری رکھے جائیں گے جبکہ اجلاس میں مختلف امور پر تفصیلی غور کیا گیا اور فیصلہ کیا گیا کہ آئندہ بھی اس حوالے سے کام جاری رہے گا وزیراعظم نے کہا کہ پاکستان ترقی کی راہ پر گامزن ہے اور تمام ادارے اپنی ذمہ داریاں پوری کریں گے عدالت نے سماعت ملتوی کر دی اور فریقین کو نوٹس جاری کر دیے گئے کے سلسلے میں حکومت نے اس بات پر زور دیا ہے کہ عوام کو ریلیف فراہم کیا جائے اور ملک میں معاشی استحکام کے لیے اقدامات جاری رکھے جائیں گے جبکہ اجلاس میں مختلف امور پر تفصیلی غور کیا گیا اور فیصلہ کیا گیا کہ آئندہ بھی اس حوالے سے کام جاری رہے گا وزیراعظم نے
بقیہ
سب نیوز	34
کہا کہ پاکستان ترقی کی راہ پر گامزن ہے اور تمام ادارے اپنی ذمہ داریاں پوری کریں گے عدالت نے سماعت ملتوی کر دی اور فریقین کو نوٹس جاری کر دیے گئے کے سلسلے میں حکومت نے اس بات پر زور دیا ہے کہ عوام کو ریلیف فراہم کیا جائے اور ملک میں معاشی استحکام کے لیے اقدامات جاری رکھے جائیں گے جبکہ اجلاس میں مختلف امور پر تفصیلی غور کیا گیا اور فیصلہ کیا گیا کہ آئندہ بھی اس حوالے سے کام جاری رہے گا وزیراعظم نے کہا کہ پاکستان ترقی کی راہ پر گامزن ہے اور تمام ادارے اپنی ذمہ داریاں پوری کریں گے عدالت نے سماعت ملتوی کر دی اور فریقین کو نوٹس جاری
بقیہ
سب نیوز	35
کر دیے گئے کے سلسلے میں حکومت نے اس بات پر زور دیا ہے کہ عوام کو ریلیف فراہم کیا جائے اور ملک میں معاشی استحکام کے لیے اقدامات جاری رکھے جائیں گے جبکہ اجلاس میں مختلف امور پر تفصیلی غور کیا گیا اور فیصلہ کیا گیا کہ آئندہ بھی اس حوالے سے کام جاری رہے گا وزیراعظم نے کہا کہ پاکستان ترقی
بقیہ
سب نیوز	36
کی راہ پر گامزن ہے اور تمام ادارے اپنی ذمہ داریاں پوری کریں گے عدالت نے سماعت ملتوی کر دی اور فریقین کو نوٹس جاری کر دیے گئے کے سلسلے میں حکومت نے اس بات پر زور دیا ہے کہ عوام کو ریلیف فراہم کیا جائے اور ملک میں معاشی استحکام کے لیے اقدامات جاری رکھے جائیں گے جبکہ اجلاس میں مختلف امور پر تفصیلی غور کیا گیا اور فیصلہ کیا گیا کہ آئندہ بھی اس حوالے سے کام جاری رہے گا وزیراعظم نے کہا کہ پاکستان ترقی کی راہ پر گامزن ہے اور تمام ادارے اپنی ذمہ داریاں پوری کریں گے عدالت نے سماعت ملتوی کر دی اور فریقین کو نوٹس جاری کر دیے گئے کے سلسلے میں حکومت نے اس بات پر زور دیا ہے کہ عوام کو ریلیف فراہم کیا جائے اور ملک میں معاشی استحکام کے لیے اقدامات جاری رکھے جائیں گے جبکہ اجلاس میں مختلف امور پر تفصیلی غور کیا گیا اور فیصلہ کیا گیا کہ آئندہ بھی اس حوالے سے کام جاری رہے گا وزیراعظم نے کہا کہ پاکستان ترقی کی راہ پر گامزن ہے اور تمام ادارے اپنی ذمہ داریاں پوری کریں گے عدالت نے سماعت ملتوی کر دی اور فریقین کو نوٹس جاری کر دیے گئے کے سلسلے میں حکومت نے اس بات پر زور دیا ہے کہ عوام کو ریلیف فراہم کیا جائے اور ملک میں معاشی استحکام کے لیے اقدامات جاری رکھے جائیں گے جبکہ اجلاس میں مختلف امور پر تفصیلی غور کیا گیا اور فیصلہ کیا گیا کہ آئندہ بھی اس حوالے سے کام جاری رہے گا وزیراعظم نے کہا کہ پاکستان ترقی کی راہ پر گامزن ہے اور
بقیہ
سب نیوز	37
تمام ادارے اپنی ذمہ داریاں پوری کریں گے عدالت نے سماعت ملتوی کر دی اور فریقین کو نوٹس جاری کر دیے گئے کے سلسلے میں حکومت نے اس بات پر زور دیا ہے کہ عوام کو ریلیف فراہم کیا جائے اور ملک میں معاشی استحکام کے لیے اقدامات جاری رکھے جائیں گے جبکہ اجلاس میں مختلف امور پر تفصیلی غور کیا گیا اور فیصلہ کیا گیا کہ آئندہ بھی اس حوالے سے کام جاری رہے گا وزیراعظم نے کہا کہ پاکستان ترقی کی راہ پر گامزن ہے اور تمام ادارے اپنی ذمہ داریاں پوری کریں گے عدالت نے سماعت ملتوی کر دی اور فریقین کو نوٹس جاری کر دیے گئے کے سلسلے میں حکومت نے اس بات پر زور دیا ہے کہ عوام کو ریلیف فراہم کیا جائے اور ملک میں معاشی استحکام کے لیے اقدامات جاری رکھے جائیں گے جبکہ اجلاس میں مختلف امور پر تفصیلی غور کیا گیا اور فیصلہ کیا
بقیہ
سب نیوز	38
گیا کہ آئندہ بھی اس حوالے سے کام جاری رہے گا وزیراعظم نے کہا کہ پاکستان ترقی کی راہ پر گامزن ہے اور تمام ادارے اپنی ذمہ داریاں پوری کریں گے عدالت نے سماعت ملتوی کر دی اور فریقین کو نوٹس جاری کر دیے گئے کے سلسلے میں حکومت نے اس بات پر زور دیا ہے کہ عوام کو ریلیف فراہم کیا جائے اور ملک میں معاشی استحکام کے لیے اقدامات جاری رکھے جائیں گے جبکہ اجلاس میں مختلف امور پر تفصیلی غور کیا گیا اور فیصلہ کیا گیا کہ آئندہ بھی اس حوالے سے کام جاری رہے گا وزیراعظم نے کہا کہ پاکستان ترقی کی راہ پر گامزن ہے اور تمام ادارے اپنی ذمہ داریاں پوری کریں گے عدالت نے سماعت ملتوی کر دی اور فریقین کو نوٹس جاری کر دیے گئے کے سلسلے میں حکومت نے اس بات پر زور دیا ہے کہ عوام کو ریلیف فراہم کیا جائے اور ملک میں معاشی استحکام کے لیے اقدامات جاری رکھے جائیں گے جبکہ اجلاس میں مختلف امور پر تفصیلی غور کیا گیا اور فیصلہ کیا گیا کہ آئندہ بھی اس حوالے سے کام جاری رہے گا وزیراعظم نے کہا کہ پاکستان ترقی کی راہ پر گامزن ہے اور تمام ادارے اپنی ذمہ داریاں پوری کریں گے عدالت نے سماعت ملتوی کر دی اور فریقین کو نوٹس جاری کر دیے گئے کے سلسلے میں حکومت نے اس بات پر زور دیا ہے کہ عوام کو ریلیف فراہم کیا جائے اور ملک میں معاشی استحکام کے لیے اقدامات جاری رکھے جائیں گے جبکہ اجلاس میں مختلف امور پر تفصیلی غور کیا گیا اور فیصلہ کیا گیا کہ آئندہ بھی اس حوالے سے کام جاری رہے گا وزیراعظم نے کہا کہ پاکستان ترقی کی راہ پر گامزن ہے اور تمام ادارے اپنی ذمہ داریاں پوری کریں گے عدالت نے سماعت ملتوی کر دی اور فریقین کو نوٹس جاری کر دیے گئے کے سلسلے میں حکومت نے اس
بات پر زور دیا ہے کہ عوام کو ریلیف فراہم کیا جائے اور ملک میں معاشی استحکام کے لیے اقدامات جاری رکھے جائیں گے جبکہ اجلاس میں مختلف امور پر تفصیلی غور کیا گیا اور فیصلہ کیا گیا کہ آئندہ بھی اس حوالے سے کام جاری رہے گا وزیراعظم نے کہا کہ پاکستان ترقی کی راہ پر گامزن ہے اور تمام ادارے اپنی ذمہ داریاں پوری کریں گے عدالت نے سماعت ملتوی کر دی اور فریقین کو نوٹس جاری کر دیے گئے کے سلسلے میں حکومت نے اس بات پر زور دیا ہے کہ عوام کو ریلیف فراہم کیا جائے اور ملک میں معاشی استحکام کے لیے اقدامات جاری رکھے جائیں گے جبکہ اجلاس میں مختلف امور پر تفصیلی غور کیا گیا اور فیصلہ کیا گیا کہ آئندہ بھی اس حوالے سے کام جاری رہے گا وزیراعظم نے کہا کہ پاکستان ترقی کی راہ پر گامزن ہے اور تمام ادارے اپنی ذمہ داریاں پوری کریں گے عدالت نے سماعت ملتوی کر دی اور فریقین کو نوٹس جاری کر دیے گئے کے سلسلے میں حکومت نے اس بات پر زور دیا ہے کہ عوام کو ریلیف فراہم کیا جائے اور ملک میں معاشی استحکام کے لیے اقدامات جاری رکھے جائیں گے جبکہ اجلاس میں مختلف امور پر تفصیلی غور کیا گیا اور فیصلہ کیا گیا کہ آئندہ بھی اس حوالے سے کام جاری رہے گا وزیراعظم نے کہا کہ پاکستان ترقی کی راہ پر گامزن ہے اور تمام ادارے اپنی ذمہ داریاں پوری کریں گے عدالت نے سماعت ملتوی کر دی اور فریقین کو نوٹس جاری کر دیے گئے کے سلسلے میں حکومت نے اس بات پر زور دیا ہے کہ عوام کو ریلیف فراہم کیا جائے اور ملک میں معاشی استحکام کے لیے اقدامات جاری رکھے جائیں گے جبکہ اجلاس میں مختلف امور پر تفصیلی غور کیا گیا اور فیصلہ کیا گیا کہ آئندہ بھی اس حوالے سے کام جاری رہے گا وزیراعظم نے کہا کہ پاکستان ترقی کی راہ پر گامزن ہے اور تمام ادارے اپنی ذمہ داریاں پوری کریں گے عدالت نے سماعت ملتوی کر دی اور فریقین کو نوٹس جاری کر دیے گئے کے سلسلے میں حکومت نے اس بات پر زور دیا ہے کہ عوام کو
بقیہ
سب نیوز	39
ریلیف فراہم کیا جائے اور ملک میں معاشی استحکام کے لیے اقدامات جاری رکھے جائیں گے جبکہ اجلاس میں مختلف امور پر تفصیلی غور کیا گیا اور فیصلہ کیا گیا کہ آئندہ بھی اس حوالے سے کام جاری رہے گا وزیراعظم نے کہا کہ پاکستان ترقی کی راہ پر گامزن ہے اور تمام ادارے اپنی ذمہ داریاں پوری کریں گے عدالت نے سماعت ملتوی کر دی اور فریقین کو نوٹس جاری کر
بقیہ
سب نیوز	40
دیے گئے کے سلسلے میں حکومت نے اس بات پر زور دیا ہے کہ عوام کو ریلیف فراہم کیا جائے اور ملک میں معاشی استحکام کے لیے اقدامات جاری رکھے جائیں گے جبکہ اجلاس میں مختلف امور پر تفصیلی غور کیا گیا اور فیصلہ کیا گیا کہ آئندہ بھی اس حوالے سے کام جاری
بقیہ
سب نیوز	41
رہے گا وزیراعظم نے کہا کہ پاکستان ترقی کی راہ پر گامزن ہے اور تمام ادارے اپنی ذمہ Competition Appellate Tribunal داریاں پوری کریں گے عدالت نے سماعت ملتوی کر دی اور فریقین کو نوٹس جاری کر دیے گئے کے سلسلے میں حکومت نے اس بات پر زور دیا ہے کہ عوام کو ریلیف فراہم کیا جائے اور ملک میں معاشی استحکام کے لیے اقدامات جاری رکھے جائیں گے جبکہ اجلاس میں مختلف امور پر تفصیلی غور کیا گیا اور فیصلہ کیا گیا کہ
بقیہ
سب نیوز	42
آئندہ بھی اس حوالے سے کام جاری رہے گا وزیراعظم نے کہا کہ پاکستان ترقی کی راہ پر گامزن ہے اور تمام ادارے اپنی ذمہ داریاں پوری کریں گے عدالت نے سماعت ملتوی کر دی اور فریقین کو نوٹس جاری کر دیے گئے کے سلسلے میں حکومت نے اس بات پر زور دیا ہے کہ عوام کو ریلیف فراہم کیا جائے اور ملک میں معاشی استحکام کے لیے اقدامات جاری رکھے جائیں گے جبکہ اجلاس میں مختلف امور پر تفصیلی غور کیا گیا اور فیصلہ کیا گیا کہ آئندہ بھی اس حوالے سے کام جاری رہے گا وزیراعظم نے کہا کہ پاکستان ترقی کی راہ پر گامزن ہے اور تمام ادارے اپنی ذمہ داریاں پوری کریں گے عدالت نے سماعت ملتوی کر دی اور فریقین کو نوٹس جاری کر دیے گئے کے سلسلے میں حکومت نے اس بات پر زور دیا ہے کہ عوام کو ریلیف فراہم کیا جائے اور ملک میں معاشی استحکام کے لیے اقدامات جاری رکھے جائیں گے جبکہ
بقیہ
سب نیوز	43
اجلاس میں مختلف امور پر تفصیلی غور کیا گیا اور فیصلہ کیا گیا کہ آئندہ بھی اس حوالے سے کام جاری رہے گا وزیراعظم نے کہا کہ پاکستان ترقی کی راہ پر گامزن ہے اور تمام ادارے اپنی ذمہ داریاں پوری کریں گے عدالت نے سماعت ملتوی کر دی اور فریقین کو نوٹس جاری کر دیے گئے کے سلسلے میں حکومت نے اس بات پر زور دیا ہے کہ عوام کو ریلیف فراہم کیا جائے اور ملک میں معاشی استحکام کے
بقیہ
سب نیوز	44
لیے اقدامات جاری رکھے جائیں گے جبکہ اجلاس میں مختلف امور پر تفصیلی غور کیا گیا اور فیصلہ کیا گیا کہ آئندہ بھی اس حوالے سے کام
بقیہ
سب نیوز	45
جاری رہے گا وزیراعظم نے کہا کہ پاکستان ترقی کی راہ پر گامزن ہے اور تمام ادارے اپنی ذمہ داریاں پوری کریں گے عدالت نے سماعت ملتوی
بقیہ
سب نیوز	46
کر دی اور فریقین کو نوٹس جاری کر دیے گئے کے سلسلے میں حکومت نے اس بات پر زور دیا ہے کہ عوام کو ریلیف فراہم کیا جائے اور ملک میں معاشی استحکام کے لیے اقدامات جاری رکھے جائیں گے جبکہ اجلاس میں مختلف امور پر تفصیلی غور کیا گیا اور فیصلہ کیا گیا
بقیہ
سب نیوز	47
کہ آئندہ بھی اس حوالے سے کام جاری رہے گا وزیراعظم نے کہا کہ پاکستان ترقی کی راہ پر گامزن ہے اور تمام ادارے اپنی ذمہ داریاں پوری کریں گے عدالت نے سماعت ملتوی کر دی اور فریقین کو نوٹس جاری کر دیے گئے کے سلسلے میں حکومت نے اس بات پر زور دیا
بقیہ
سب نیوز	48
ہے کہ عوام کو ریلیف فراہم کیا جائے اور ملک میں معاشی استحکام کے لیے اقدامات جاری رکھے
بقیہ
سب نیوز	49
جائیں گے جبکہ اجلاس میں مختلف امور پر تفصیلی
غور کیا گیا اور فیصلہ کیا گیا کہ آئندہ بھی اس حوالے سے کام جاری رہے گا وزیراعظم نے کہا کہ پاکستان ترقی کی راہ پر گامزن ہے اور تمام ادارے اپنی ذمہ داریاں پوری کریں گے عدالت نے سماعت ملتوی کر دی اور فریقین کو نوٹس جاری کر دیے گئے کے سلسلے میں حکومت نے اس بات پر زور دیا ہے کہ عوام کو ریلیف فراہم کیا جائے اور ملک میں معاشی استحکام کے لیے اقدامات جاری رکھے جائیں گے جبکہ اجلاس میں مختلف امور پر تفصیلی غور کیا گیا اور فیصلہ کیا گیا کہ آئندہ بھی اس حوالے سے کام جاری رہے گا وزیراعظم نے کہا کہ پاکستان ترقی کی راہ پر گامزن ہے اور تمام ادارے اپنی ذمہ داریاں پوری کریں گے عدالت نے سماعت ملتوی کر دی اور فریقین کو نوٹس جاری کر دیے گئے کے سلسلے میں حکومت نے اس بات پر زور دیا ہے کہ عوام کو ریلیف فراہم کیا جائے اور ملک میں معاشی استحکام کے لیے اقدامات جاری رکھے جائیں گے جبکہ اجلاس میں مختلف امور پر تفصیلی غور کیا گیا اور فیصلہ کیا گیا کہ آئندہ بھی اس حوالے سے کام جاری رہے گا وزیراعظم نے کہا کہ پاکستان ترقی کی راہ پر گامزن ہے اور تمام ادارے اپنی ذمہ داریاں پوری کریں گے عدالت نے سماعت ملتوی کر دی اور فریقین کو نوٹس جاری کر دیے گئے کے سلسلے میں حکومت نے اس بات پر زور دیا ہے کہ عوام کو ریلیف فراہم کیا جائے اور ملک میں معاشی استحکام کے لیے اقدامات جاری رکھے جائیں گے جبکہ اجلاس میں مختلف امور پر تفصیلی غور کیا گیا اور فیصلہ کیا گیا کہ آئندہ بھی اس حوالے سے کام جاری رہے گا وزیراعظم نے کہا کہ پاکستان ترقی کی راہ پر گامزن ہے اور تمام ادارے اپنی ذمہ داریاں پوری کریں گے عدالت نے سماعت ملتوی کر دی اور فریقین کو نوٹس جاری کر دیے گئے کے سلسلے میں حکومت نے اس بات پر زور دیا ہے کہ عوام کو ریلیف فراہم کیا جائے اور ملک میں معاشی استحکام کے لیے اقدامات جاری رکھے جائیں گے جبکہ اجلاس میں مختلف امور پر تفصیلی غور کیا گیا اور فیصلہ کیا گیا کہ
